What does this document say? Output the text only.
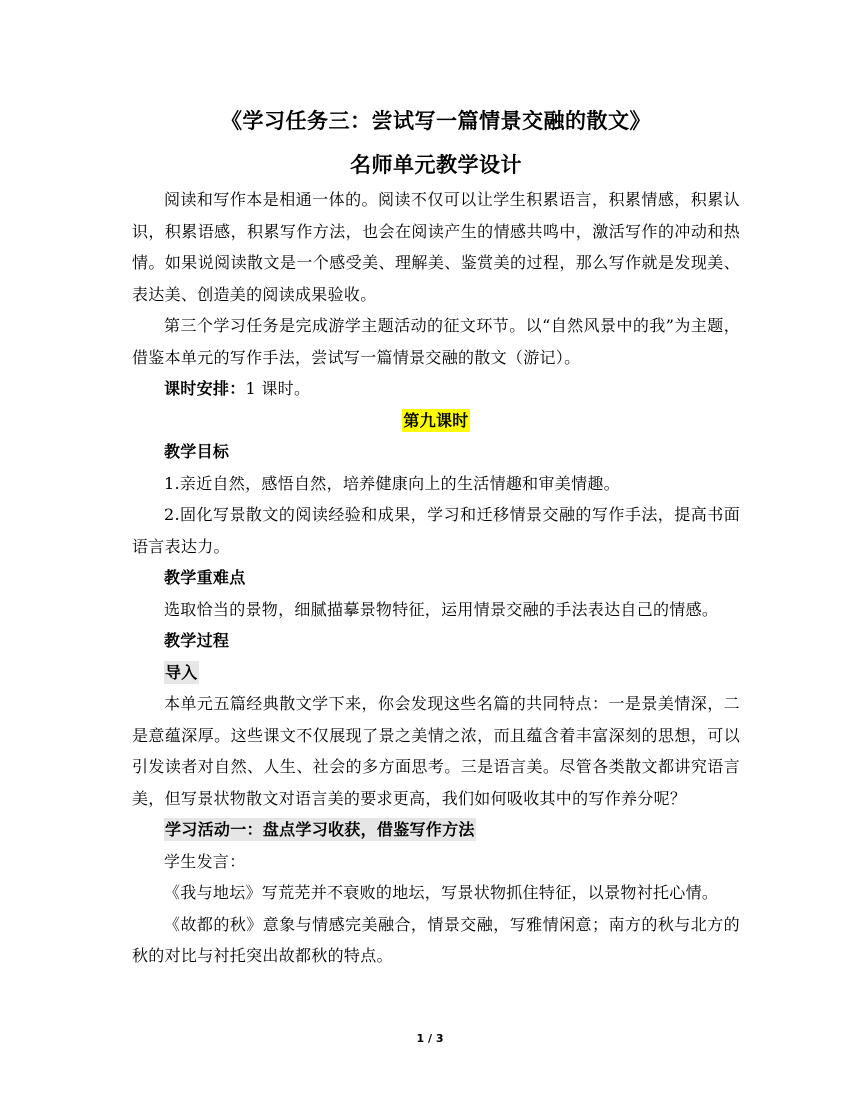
《学习任务三：尝试写一篇情景交融的散文》
名师单元教学设计

阅读和写作本是相通一体的。阅读不仅可以让学生积累语言，积累情感，积累认识，积累语感，积累写作方法，也会在阅读产生的情感共鸣中，激活写作的冲动和热情。如果说阅读散文是一个感受美、理解美、鉴赏美的过程，那么写作就是发现美、表达美、创造美的阅读成果验收。

第三个学习任务是完成游学主题活动的征文环节。以“自然风景中的我”为主题，借鉴本单元的写作手法，尝试写一篇情景交融的散文（游记）。

课时安排：1 课时。

第九课时

教学目标

1.亲近自然，感悟自然，培养健康向上的生活情趣和审美情趣。

2.固化写景散文的阅读经验和成果，学习和迁移情景交融的写作手法，提高书面语言表达力。

教学重难点

选取恰当的景物，细腻描摹景物特征，运用情景交融的手法表达自己的情感。

教学过程

导入

本单元五篇经典散文学下来，你会发现这些名篇的共同特点：一是景美情深，二是意蕴深厚。这些课文不仅展现了景之美情之浓，而且蕴含着丰富深刻的思想，可以引发读者对自然、人生、社会的多方面思考。三是语言美。尽管各类散文都讲究语言美，但写景状物散文对语言美的要求更高，我们如何吸收其中的写作养分呢？

学习活动一：盘点学习收获，借鉴写作方法

学生发言：

《我与地坛》写荒芜并不衰败的地坛，写景状物抓住特征，以景物衬托心情。

《故都的秋》意象与情感完美融合，情景交融，写雅情闲意；南方的秋与北方的秋的对比与衬托突出故都秋的特点。

1 / 3
